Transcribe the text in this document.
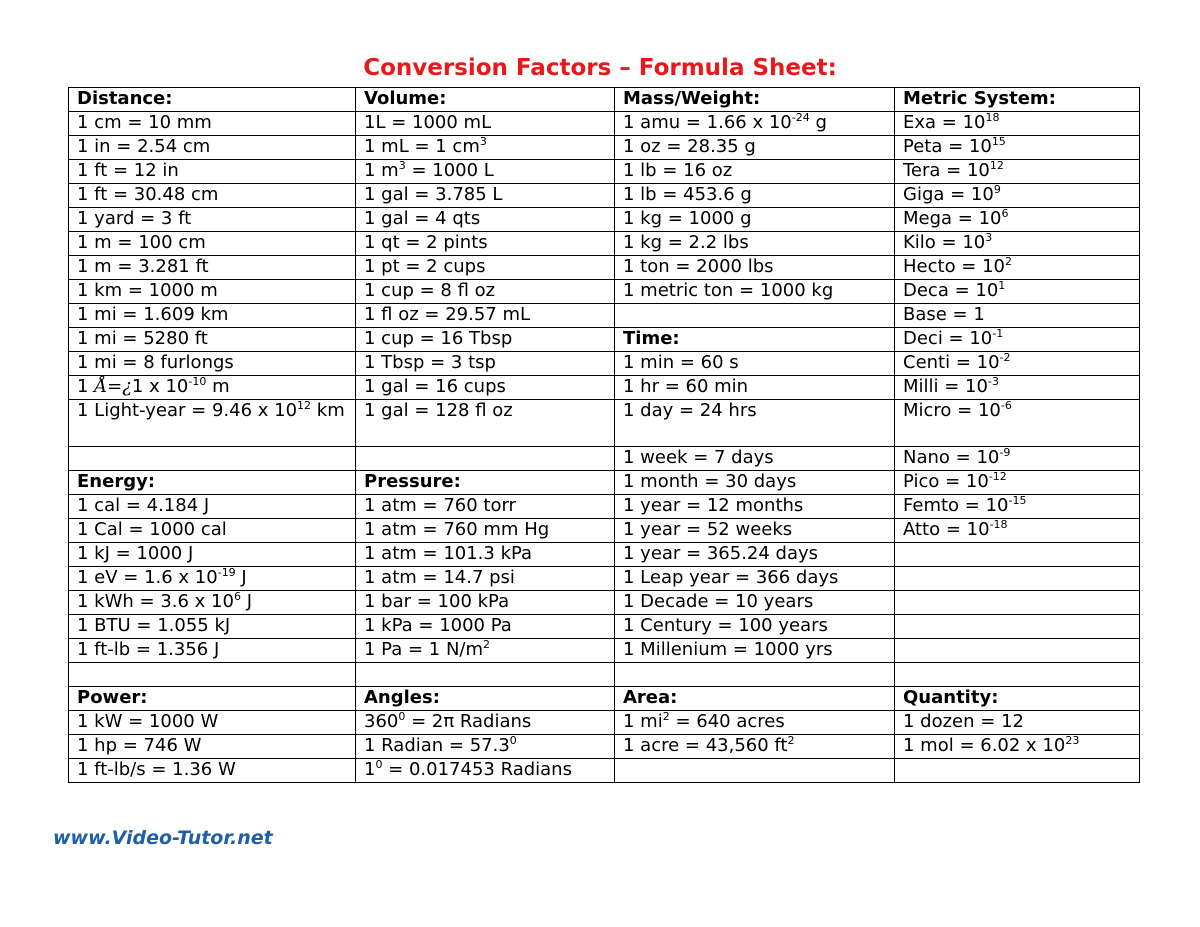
Conversion Factors – Formula Sheet:
Distance:	Volume:	Mass/Weight:	Metric System:
1 cm = 10 mm	1L = 1000 mL	1 amu = 1.66 x $10^{-24}$ g	Exa = $10^{18}$
1 in = 2.54 cm	1 mL = 1 $cm^3$	1 oz = 28.35 g	Peta = $10^{15}$
1 ft = 12 in	1 $m^3 = 1000$ L	1 lb = 16 oz	Tera = $10^{12}$
1 ft = 30.48 cm	1 gal = 3.785 L	1 lb = 453.6 g	Giga = $10^9$
1 yard = 3 ft	1 gal = 4 qts	1 kg = 1000 g	Mega = $10^6$
1 m = 100 cm	1 qt = 2 pints	1 kg = 2.2 lbs	Kilo = $10^3$
1 m = 3.281 ft	1 pt = 2 cups	1 ton = 2000 lbs	Hecto = $10^2$
1 km = 1000 m	1 cup = 8 fl oz	1 metric ton = 1000 kg	Deca = $10^1$
1 mi = 1.609 km	1 fl oz = 29.57 mL		Base = 1
1 mi = 5280 ft	1 cup = 16 Tbsp	Time:	Deci = $10^{-1}$
1 mi = 8 furlongs	1 Tbsp = 3 tsp	1 min = 60 s	Centi = $10^{-2}$
1 Å=¿1 x $10^{-10}$ m	1 gal = 16 cups	1 hr = 60 min	Milli = $10^{-3}$
1 Light-year = 9.46 x $10^{12}$ km	1 gal = 128 fl oz	1 day = 24 hrs	Micro = $10^{-6}$
		1 week = 7 days	Nano = $10^{-9}$
Energy:	Pressure:	1 month = 30 days	Pico = $10^{-12}$
1 cal = 4.184 J	1 atm = 760 torr	1 year = 12 months	Femto = $10^{-15}$
1 Cal = 1000 cal	1 atm = 760 mm Hg	1 year = 52 weeks	Atto = $10^{-18}$
1 kJ = 1000 J	1 atm = 101.3 kPa	1 year = 365.24 days	
1 eV = 1.6 x $10^{-19}$ J	1 atm = 14.7 psi	1 Leap year = 366 days	
1 kWh = 3.6 x $10^6$ J	1 bar = 100 kPa	1 Decade = 10 years	
1 BTU = 1.055 kJ	1 kPa = 1000 Pa	1 Century = 100 years	
1 ft-lb = 1.356 J	1 Pa = 1 $N/m^2$	1 Millenium = 1000 yrs	

Power:	Angles:	Area:	Quantity:
1 kW = 1000 W	$360^0 = 2\pi$ Radians	1 $mi^2 = 640$ acres	1 dozen = 12
1 hp = 746 W	1 Radian = $57.3^0$	1 acre = 43,560 $ft^2$	1 mol = 6.02 x $10^{23}$
1 ft-lb/s = 1.36 W	$1^0 = 0.017453$ Radians		
www.Video-Tutor.net
